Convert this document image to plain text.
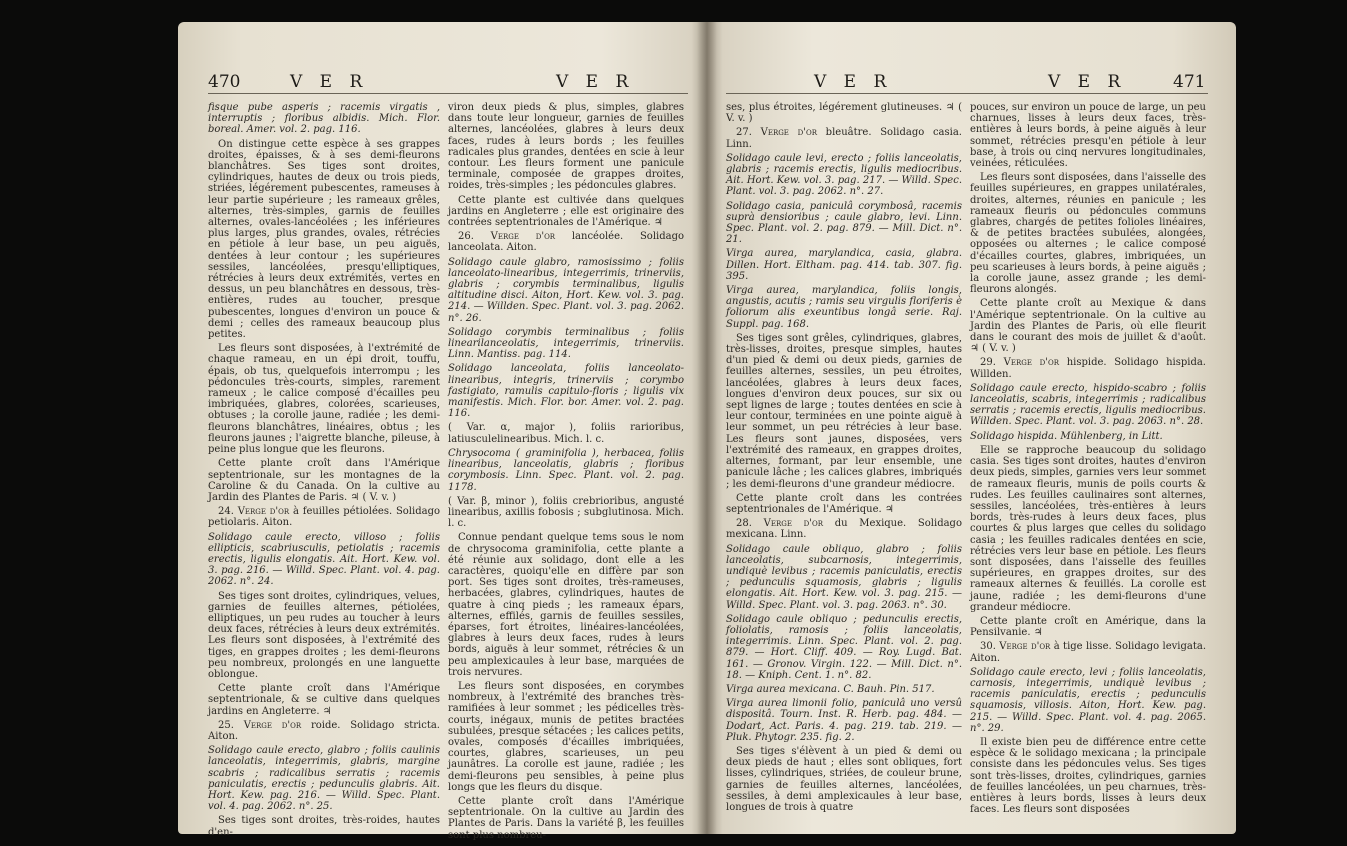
470	V E R	V E R

fisque pube asperis ; racemis virgatis , interruptis ; floribus albidis. Mich. Flor. boreal. Amer. vol. 2. pag. 116.

On distingue cette espèce à ses grappes droites, épaisses, & à ses demi-fleurons blanchâtres. Ses tiges sont droites, cylindriques, hautes de deux ou trois pieds, striées, légérement pubescentes, rameuses à leur partie supérieure ; les rameaux grêles, alternes, très-simples, garnis de feuilles alternes, ovales-lancéolées ; les inférieures plus larges, plus grandes, ovales, rétrécies en pétiole à leur base, un peu aiguës, dentées à leur contour ; les supérieures sessiles, lancéolées, presqu'elliptiques, rétrécies à leurs deux extrémités, vertes en dessus, un peu blanchâtres en dessous, très-entières, rudes au toucher, presque pubescentes, longues d'environ un pouce & demi ; celles des rameaux beaucoup plus petites.

Les fleurs sont disposées, à l'extrémité de chaque rameau, en un épi droit, touffu, épais, ob tus, quelquefois interrompu ; les pédoncules très-courts, simples, rarement rameux ; le calice composé d'écailles peu imbriquées, glabres, colorées, scarieuses, obtuses ; la corolle jaune, radiée ; les demi-fleurons blanchâtres, linéaires, obtus ; les fleurons jaunes ; l'aigrette blanche, pileuse, à peine plus longue que les fleurons.

Cette plante croît dans l'Amérique septentrionale, sur les montagnes de la Caroline & du Canada. On la cultive au Jardin des Plantes de Paris. ♃ ( V. v. )

24. Verge d'or à feuilles pétiolées. Solidago petiolaris. Aiton.

Solidago caule erecto, villoso ; foliis ellipticis, scabriusculis, petiolatis ; racemis erectis, ligulis elongatis. Ait. Hort. Kew. vol. 3. pag. 216. — Willd. Spec. Plant. vol. 4. pag. 2062. n°. 24.

Ses tiges sont droites, cylindriques, velues, garnies de feuilles alternes, pétiolées, elliptiques, un peu rudes au toucher à leurs deux faces, rétrécies à leurs deux extrémités. Les fleurs sont disposées, à l'extrémité des tiges, en grappes droites ; les demi-fleurons peu nombreux, prolongés en une languette oblongue.

Cette plante croît dans l'Amérique septentrionale, & se cultive dans quelques jardins en Angleterre. ♃

25. Verge d'or roide. Solidago stricta. Aiton.

Solidago caule erecto, glabro ; foliis caulinis lanceolatis, integerrimis, glabris, margine scabris ; radicalibus serratis ; racemis paniculatis, erectis ; pedunculis glabris. Ait. Hort. Kew. pag. 216. — Willd. Spec. Plant. vol. 4. pag. 2062. n°. 25.

Ses tiges sont droites, très-roides, hautes d'en-

viron deux pieds & plus, simples, glabres dans toute leur longueur, garnies de feuilles alternes, lancéolées, glabres à leurs deux faces, rudes à leurs bords ; les feuilles radicales plus grandes, dentées en scie à leur contour. Les fleurs forment une panicule terminale, composée de grappes droites, roides, très-simples ; les pédoncules glabres.

Cette plante est cultivée dans quelques jardins en Angleterre ; elle est originaire des contrées septentrionales de l'Amérique. ♃

26. Verge d'or lancéolée. Solidago lanceolata. Aiton.

Solidago caule glabro, ramosissimo ; foliis lanceolato-linearibus, integerrimis, trinerviis, glabris ; corymbis terminalibus, ligulis altitudine disci. Aiton, Hort. Kew. vol. 3. pag. 214. — Willden. Spec. Plant. vol. 3. pag. 2062. n°. 26.

Solidago corymbis terminalibus ; foliis linearilanceolatis, integerrimis, trinerviis. Linn. Mantiss. pag. 114.

Solidago lanceolata, foliis lanceolato-linearibus, integris, trinerviis ; corymbo fastigiato, ramulis capitulo-floris ; ligulis vix manifestis. Mich. Flor. bor. Amer. vol. 2. pag. 116.

( Var. α, major ), foliis rarioribus, latiusculelinearibus. Mich. l. c.

Chrysocoma ( graminifolia ), herbacea, foliis linearibus, lanceolatis, glabris ; floribus corymbosis. Linn. Spec. Plant. vol. 2. pag. 1178.

( Var. β, minor ), foliis crebrioribus, angusté linearibus, axillis fobosis ; subglutinosa. Mich. l. c.

Connue pendant quelque tems sous le nom de chrysocoma graminifolia, cette plante a été réunie aux solidago, dont elle a les caractères, quoiqu'elle en diffère par son port. Ses tiges sont droites, très-rameuses, herbacées, glabres, cylindriques, hautes de quatre à cinq pieds ; les rameaux épars, alternes, effilés, garnis de feuilles sessiles, éparses, fort étroites, linéaires-lancéolées, glabres à leurs deux faces, rudes à leurs bords, aiguës à leur sommet, rétrécies & un peu amplexicaules à leur base, marquées de trois nervures.

Les fleurs sont disposées, en corymbes nombreux, à l'extrémité des branches très-ramifiées à leur sommet ; les pédicelles très-courts, inégaux, munis de petites bractées subulées, presque sétacées ; les calices petits, ovales, composés d'écailles imbriquées, courtes, glabres, scarieuses, un peu jaunâtres. La corolle est jaune, radiée ; les demi-fleurons peu sensibles, à peine plus longs que les fleurs du disque.

Cette plante croît dans l'Amérique septentrionale. On la cultive au Jardin des Plantes de Paris. Dans la variété β, les feuilles sont plus nombreu-

V E R	V E R	471

ses, plus étroites, légérement glutineuses. ♃ ( V. v. )

27. Verge d'or bleuâtre. Solidago casia. Linn.

Solidago caule levi, erecto ; foliis lanceolatis, glabris ; racemis erectis, ligulis mediocribus. Ait. Hort. Kew. vol. 3. pag. 217. — Willd. Spec. Plant. vol. 3. pag. 2062. n°. 27.

Solidago casia, paniculâ corymbosâ, racemis suprà densioribus ; caule glabro, levi. Linn. Spec. Plant. vol. 2. pag. 879. — Mill. Dict. n°. 21.

Virga aurea, marylandica, casia, glabra. Dillen. Hort. Eltham. pag. 414. tab. 307. fig. 395.

Virga aurea, marylandica, foliis longis, angustis, acutis ; ramis seu virgulis floriferis è foliorum alis exeuntibus longâ serie. Raj. Suppl. pag. 168.

Ses tiges sont grêles, cylindriques, glabres, très-lisses, droites, presque simples, hautes d'un pied & demi ou deux pieds, garnies de feuilles alternes, sessiles, un peu étroites, lancéolées, glabres à leurs deux faces, longues d'environ deux pouces, sur six ou sept lignes de large ; toutes dentées en scie à leur contour, terminées en une pointe aiguë à leur sommet, un peu rétrécies à leur base. Les fleurs sont jaunes, disposées, vers l'extrémité des rameaux, en grappes droites, alternes, formant, par leur ensemble, une panicule lâche ; les calices glabres, imbriqués ; les demi-fleurons d'une grandeur médiocre.

Cette plante croît dans les contrées septentrionales de l'Amérique. ♃

28. Verge d'or du Mexique. Solidago mexicana. Linn.

Solidago caule obliquo, glabro ; foliis lanceolatis, subcarnosis, integerrimis, undiquè levibus ; racemis paniculatis, erectis ; pedunculis squamosis, glabris ; ligulis elongatis. Ait. Hort. Kew. vol. 3. pag. 215. — Willd. Spec. Plant. vol. 3. pag. 2063. n°. 30.

Solidago caule obliquo ; pedunculis erectis, foliolatis, ramosis ; foliis lanceolatis, integerrimis. Linn. Spec. Plant. vol. 2. pag. 879. — Hort. Cliff. 409. — Roy. Lugd. Bat. 161. — Gronov. Virgin. 122. — Mill. Dict. n°. 18. — Kniph. Cent. 1. n°. 82.

Virga aurea mexicana. C. Bauh. Pin. 517.

Virga aurea limonii folio, paniculâ uno versû dispositâ. Tourn. Inst. R. Herb. pag. 484. — Dodart, Act. Paris. 4. pag. 219. tab. 219. — Pluk. Phytogr. 235. fig. 2.

Ses tiges s'élèvent à un pied & demi ou deux pieds de haut ; elles sont obliques, fort lisses, cylindriques, striées, de couleur brune, garnies de feuilles alternes, lancéolées, sessiles, à demi amplexicaules à leur base, longues de trois à quatre

pouces, sur environ un pouce de large, un peu charnues, lisses à leurs deux faces, très-entières à leurs bords, à peine aiguës à leur sommet, rétrécies presqu'en pétiole à leur base, à trois ou cinq nervures longitudinales, veinées, réticulées.

Les fleurs sont disposées, dans l'aisselle des feuilles supérieures, en grappes unilatérales, droites, alternes, réunies en panicule ; les rameaux fleuris ou pédoncules communs glabres, chargés de petites folioles linéaires, & de petites bractées subulées, alongées, opposées ou alternes ; le calice composé d'écailles courtes, glabres, imbriquées, un peu scarieuses à leurs bords, à peine aiguës ; la corolle jaune, assez grande ; les demi-fleurons alongés.

Cette plante croît au Mexique & dans l'Amérique septentrionale. On la cultive au Jardin des Plantes de Paris, où elle fleurit dans le courant des mois de juillet & d'août. ♃ ( V. v. )

29. Verge d'or hispide. Solidago hispida. Willden.

Solidago caule erecto, hispido-scabro ; foliis lanceolatis, scabris, integerrimis ; radicalibus serratis ; racemis erectis, ligulis mediocribus. Willden. Spec. Plant. vol. 3. pag. 2063. n°. 28.

Solidago hispida. Mühlenberg, in Litt.

Elle se rapproche beaucoup du solidago casia. Ses tiges sont droites, hautes d'environ deux pieds, simples, garnies vers leur sommet de rameaux fleuris, munis de poils courts & rudes. Les feuilles caulinaires sont alternes, sessiles, lancéolées, très-entières à leurs bords, très-rudes à leurs deux faces, plus courtes & plus larges que celles du solidago casia ; les feuilles radicales dentées en scie, rétrécies vers leur base en pétiole. Les fleurs sont disposées, dans l'aisselle des feuilles supérieures, en grappes droites, sur des rameaux alternes & feuillés. La corolle est jaune, radiée ; les demi-fleurons d'une grandeur médiocre.

Cette plante croît en Amérique, dans la Pensilvanie. ♃

30. Verge d'or à tige lisse. Solidago levigata. Aiton.

Solidago caule erecto, levi ; foliis lanceolatis, carnosis, integerrimis, undiquè levibus ; racemis paniculatis, erectis ; pedunculis squamosis, villosis. Aiton, Hort. Kew. pag. 215. — Willd. Spec. Plant. vol. 4. pag. 2065. n°. 29.

Il existe bien peu de différence entre cette espèce & le solidago mexicana ; la principale consiste dans les pédoncules velus. Ses tiges sont très-lisses, droites, cylindriques, garnies de feuilles lancéolées, un peu charnues, très-entières à leurs bords, lisses à leurs deux faces. Les fleurs sont disposées
